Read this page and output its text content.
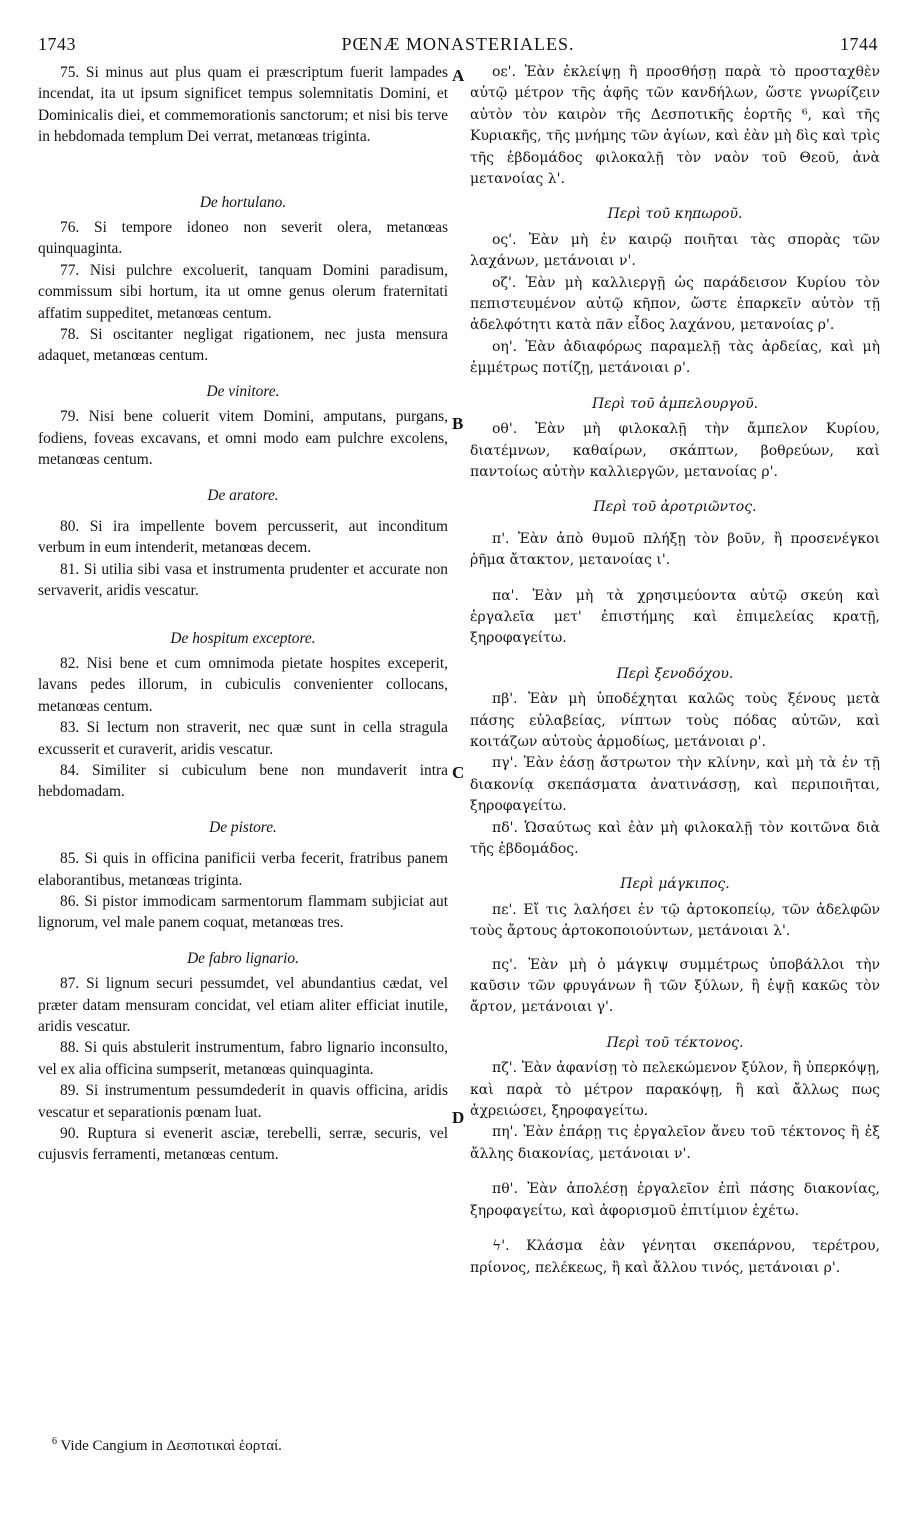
1743	PŒNÆ MONASTERIALES.	1744
A
B
C
D

75. Si minus aut plus quam ei præscriptum fuerit lampades incendat, ita ut ipsum significet tempus solemnitatis Domini, et Dominicalis diei, et commemorationis sanctorum; et nisi bis terve in hebdomada templum Dei verrat, metanœas triginta.

De hortulano.

76. Si tempore idoneo non severit olera, metanœas quinquaginta.

77. Nisi pulchre excoluerit, tanquam Domini paradisum, commissum sibi hortum, ita ut omne genus olerum fraternitati affatim suppeditet, metanœas centum.

78. Si oscitanter negligat rigationem, nec justa mensura adaquet, metanœas centum.

De vinitore.

79. Nisi bene coluerit vitem Domini, amputans, purgans, fodiens, foveas excavans, et omni modo eam pulchre excolens, metanœas centum.

De aratore.

80. Si ira impellente bovem percusserit, aut inconditum verbum in eum intenderit, metanœas decem.

81. Si utilia sibi vasa et instrumenta prudenter et accurate non servaverit, aridis vescatur.

De hospitum exceptore.

82. Nisi bene et cum omnimoda pietate hospites exceperit, lavans pedes illorum, in cubiculis convenienter collocans, metanœas centum.

83. Si lectum non straverit, nec quæ sunt in cella stragula excusserit et curaverit, aridis vescatur.

84. Similiter si cubiculum bene non mundaverit intra hebdomadam.

De pistore.

85. Si quis in officina panificii verba fecerit, fratribus panem elaborantibus, metanœas triginta.

86. Si pistor immodicam sarmentorum flammam subjiciat aut lignorum, vel male panem coquat, metanœas tres.

De fabro lignario.

87. Si lignum securi pessumdet, vel abundantius cædat, vel præter datam mensuram concidat, vel etiam aliter efficiat inutile, aridis vescatur.

88. Si quis abstulerit instrumentum, fabro lignario inconsulto, vel ex alia officina sumpserit, metanœas quinquaginta.

89. Si instrumentum pessumdederit in quavis officina, aridis vescatur et separationis pœnam luat.

90. Ruptura si evenerit asciæ, terebelli, serræ, securis, vel cujusvis ferramenti, metanœas centum.

οε'. Ἐὰν ἐκλείψῃ ἢ προσθήσῃ παρὰ τὸ προσταχθὲν αὐτῷ μέτρον τῆς ἀφῆς τῶν κανδήλων, ὥστε γνωρίζειν αὐτὸν τὸν καιρὸν τῆς Δεσποτικῆς ἑορτῆς ⁶, καὶ τῆς Κυριακῆς, τῆς μνήμης τῶν ἁγίων, καὶ ἐὰν μὴ δὶς καὶ τρὶς τῆς ἑβδομάδος φιλοκαλῇ τὸν ναὸν τοῦ Θεοῦ, ἀνὰ μετανοίας λ'.

Περὶ τοῦ κηπωροῦ.

ος'. Ἐὰν μὴ ἐν καιρῷ ποιῆται τὰς σπορὰς τῶν λαχάνων, μετάνοιαι ν'.

οζ'. Ἐὰν μὴ καλλιεργῇ ὡς παράδεισον Κυρίου τὸν πεπιστευμένον αὐτῷ κῆπον, ὥστε ἐπαρκεῖν αὐτὸν τῇ ἀδελφότητι κατὰ πᾶν εἶδος λαχάνου, μετανοίας ρ'.

οη'. Ἐὰν ἀδιαφόρως παραμελῇ τὰς ἀρδείας, καὶ μὴ ἐμμέτρως ποτίζῃ, μετάνοιαι ρ'.

Περὶ τοῦ ἀμπελουργοῦ.

οθ'. Ἐὰν μὴ φιλοκαλῇ τὴν ἄμπελον Κυρίου, διατέμνων, καθαίρων, σκάπτων, βοθρεύων, καὶ παντοίως αὐτὴν καλλιεργῶν, μετανοίας ρ'.

Περὶ τοῦ ἀροτριῶντος.

π'. Ἐὰν ἀπὸ θυμοῦ πλήξῃ τὸν βοῦν, ἢ προσενέγκοι ῥῆμα ἄτακτον, μετανοίας ι'.

πα'. Ἐὰν μὴ τὰ χρησιμεύοντα αὐτῷ σκεύη καὶ ἐργαλεῖα μετ' ἐπιστήμης καὶ ἐπιμελείας κρατῇ, ξηροφαγείτω.

Περὶ ξενοδόχου.

πβ'. Ἐὰν μὴ ὑποδέχηται καλῶς τοὺς ξένους μετὰ πάσης εὐλαβείας, νίπτων τοὺς πόδας αὐτῶν, καὶ κοιτάζων αὐτοὺς ἁρμοδίως, μετάνοιαι ρ'.

πγ'. Ἐὰν ἐάσῃ ἄστρωτον τὴν κλίνην, καὶ μὴ τὰ ἐν τῇ διακονίᾳ σκεπάσματα ἀνατινάσσῃ, καὶ περιποιῆται, ξηροφαγείτω.

πδ'. Ὡσαύτως καὶ ἐὰν μὴ φιλοκαλῇ τὸν κοιτῶνα διὰ τῆς ἑβδομάδος.

Περὶ μάγκιπος.

πε'. Εἴ τις λαλήσει ἐν τῷ ἀρτοκοπείῳ, τῶν ἀδελφῶν τοὺς ἄρτους ἀρτοκοποιούντων, μετάνοιαι λ'.

πς'. Ἐὰν μὴ ὁ μάγκιψ συμμέτρως ὑποβάλλοι τὴν καῦσιν τῶν φρυγάνων ἢ τῶν ξύλων, ἢ ἑψῇ κακῶς τὸν ἄρτον, μετάνοιαι γ'.

Περὶ τοῦ τέκτονος.

πζ'. Ἐὰν ἀφανίσῃ τὸ πελεκώμενον ξύλον, ἢ ὑπερκόψῃ, καὶ παρὰ τὸ μέτρον παρακόψῃ, ἢ καὶ ἄλλως πως ἀχρειώσει, ξηροφαγείτω.

πη'. Ἐὰν ἐπάρῃ τις ἐργαλεῖον ἄνευ τοῦ τέκτονος ἢ ἐξ ἄλλης διακονίας, μετάνοιαι ν'.

πθ'. Ἐὰν ἀπολέσῃ ἐργαλεῖον ἐπὶ πάσης διακονίας, ξηροφαγείτω, καὶ ἀφορισμοῦ ἐπιτίμιον ἐχέτω.

ϟ'. Κλάσμα ἐὰν γένηται σκεπάρνου, τερέτρου, πρίονος, πελέκεως, ἢ καὶ ἄλλου τινός, μετάνοιαι ρ'.

$^6$ Vide Cangium in Δεσποτικαὶ ἑορταί.
